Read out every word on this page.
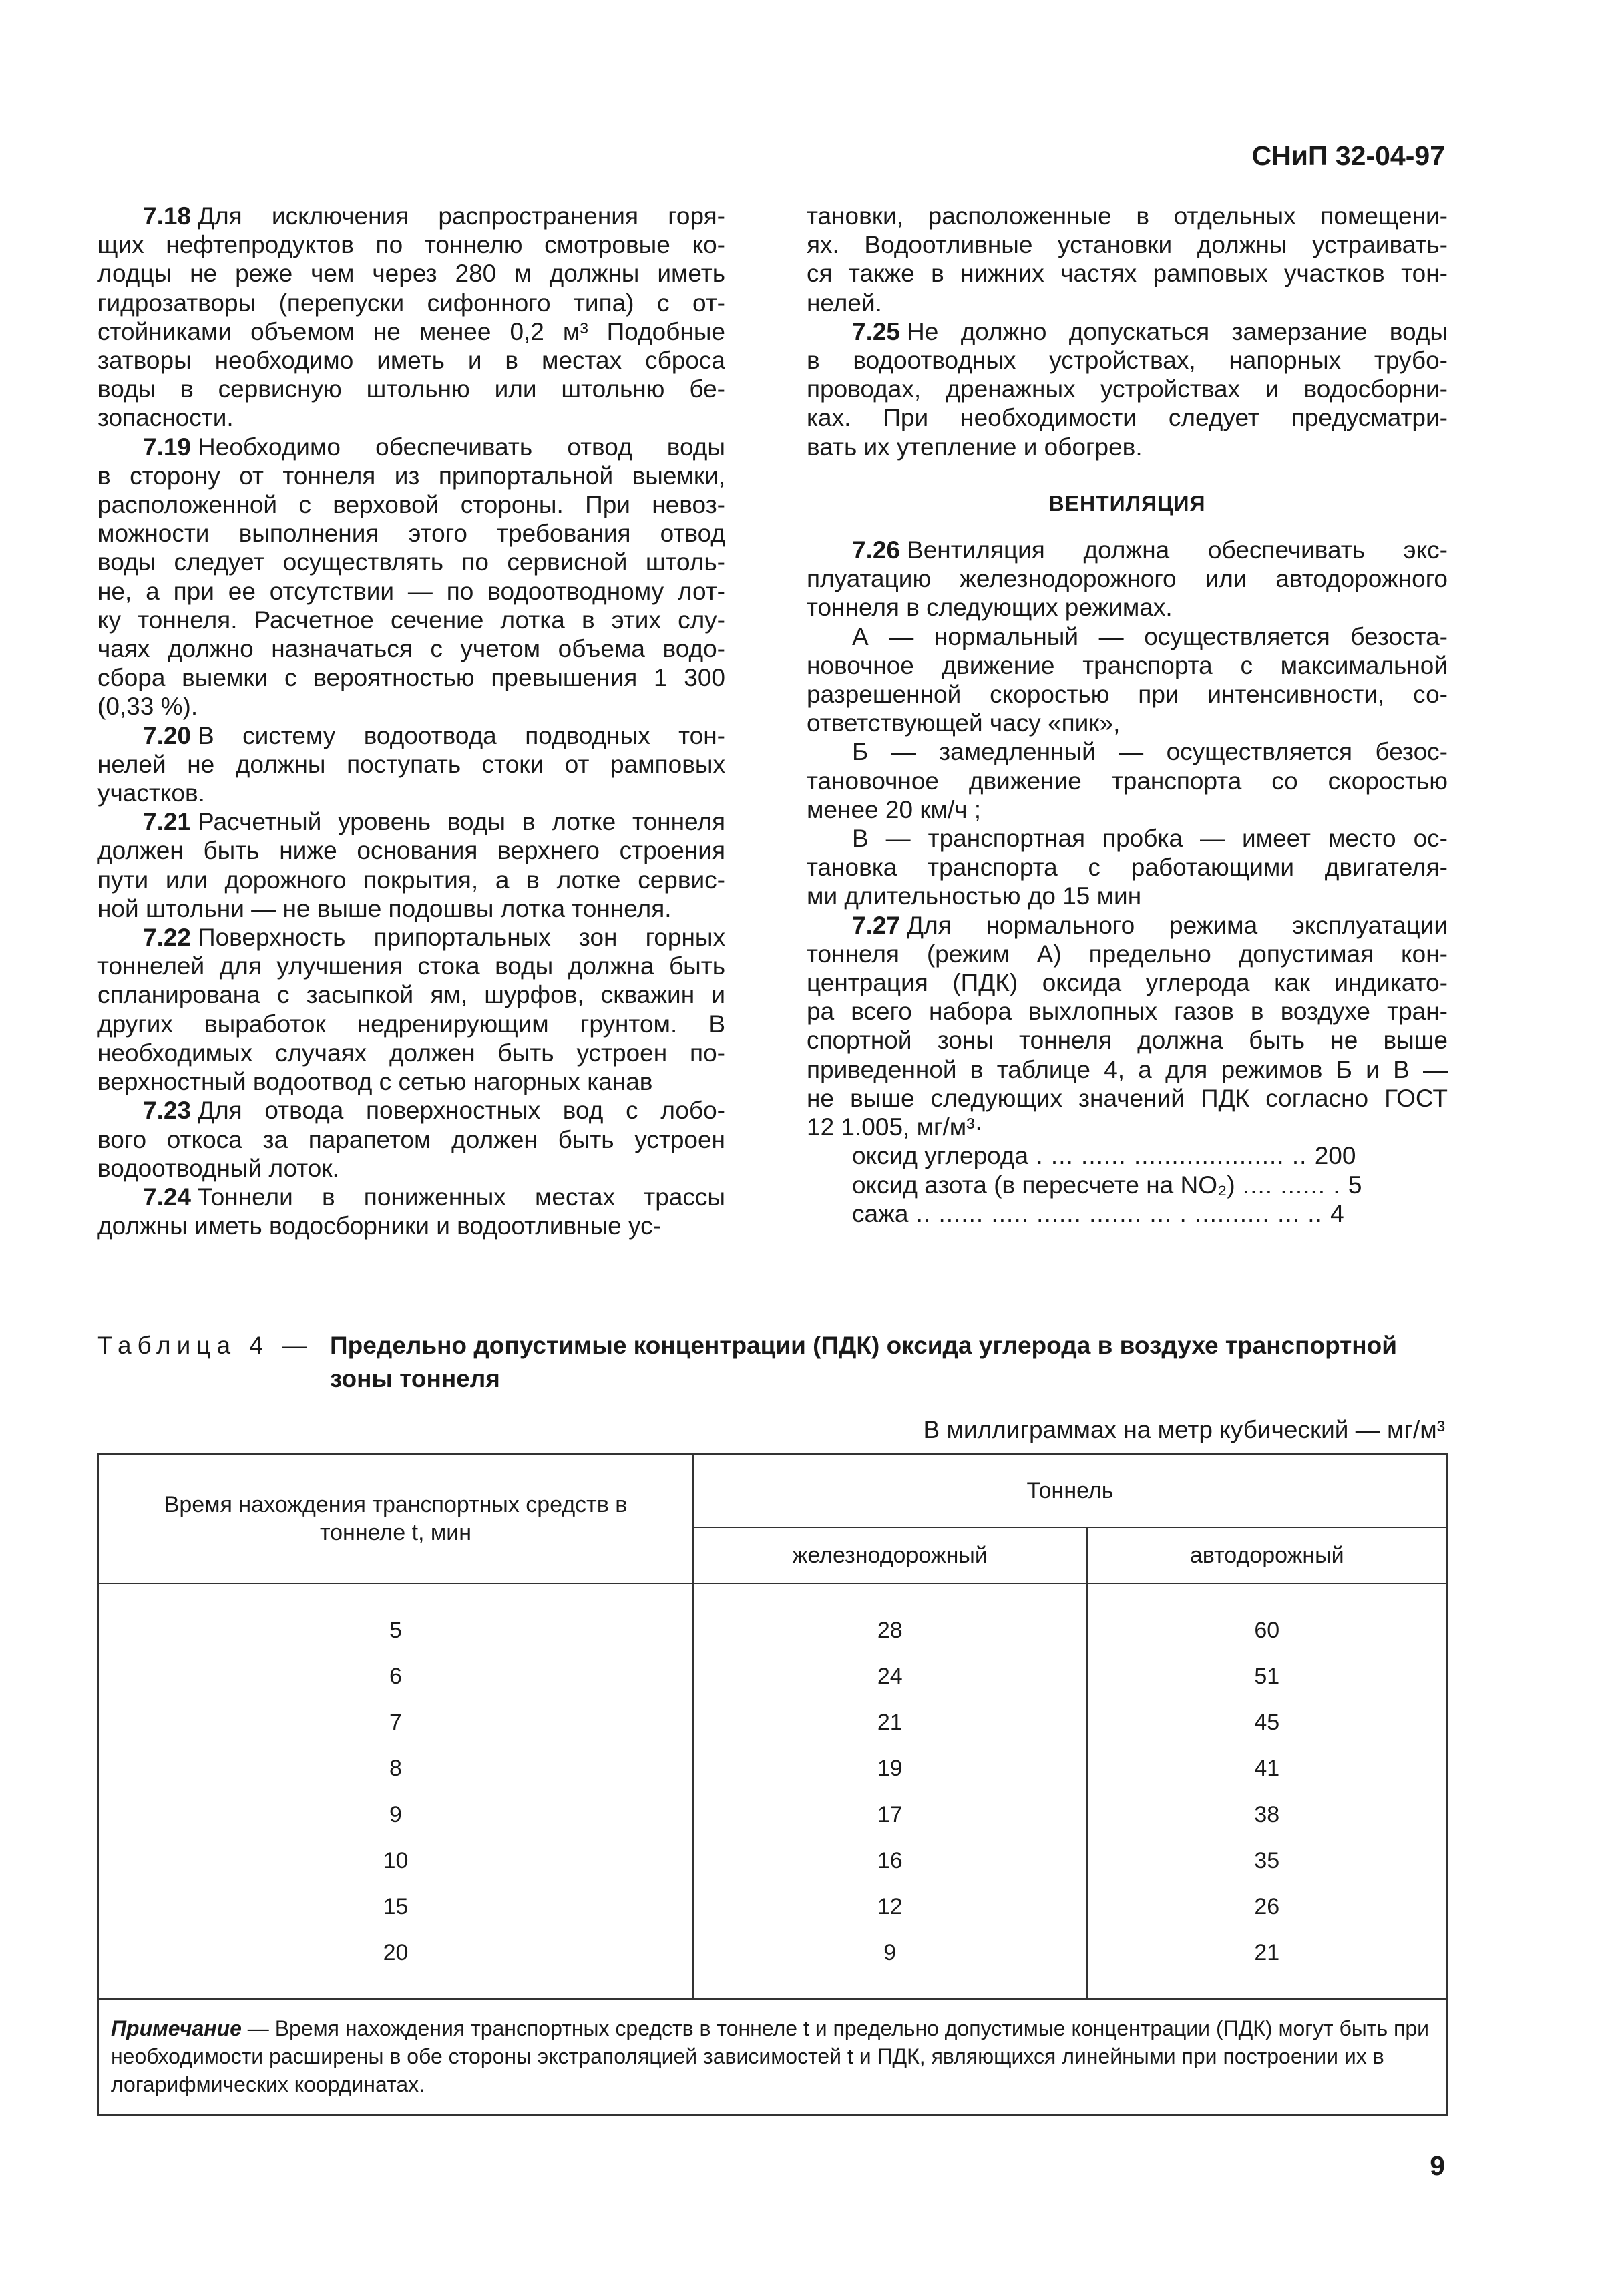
СНиП 32-04-97
7.18 Для исключения распространения горя-
щих нефтепродуктов по тоннелю смотровые ко-
лодцы не реже чем через 280 м должны иметь
гидрозатворы (перепуски сифонного типа) с от-
стойниками объемом не менее 0,2 м³ Подобные
затворы необходимо иметь и в местах сброса
воды в сервисную штольню или штольню бе-
зопасности.
7.19 Необходимо обеспечивать отвод воды
в сторону от тоннеля из припортальной выемки,
расположенной с верховой стороны. При невоз-
можности выполнения этого требования отвод
воды следует осуществлять по сервисной штоль-
не, а при ее отсутствии — по водоотводному лот-
ку тоннеля. Расчетное сечение лотка в этих слу-
чаях должно назначаться с учетом объема водо-
сбора выемки с вероятностью превышения 1 300
(0,33 %).
7.20 В систему водоотвода подводных тон-
нелей не должны поступать стоки от рамповых
участков.
7.21 Расчетный уровень воды в лотке тоннеля
должен быть ниже основания верхнего строения
пути или дорожного покрытия, а в лотке сервис-
ной штольни — не выше подошвы лотка тоннеля.
7.22 Поверхность припортальных зон горных
тоннелей для улучшения стока воды должна быть
спланирована с засыпкой ям, шурфов, скважин и
других выработок недренирующим грунтом. В
необходимых случаях должен быть устроен по-
верхностный водоотвод с сетью нагорных канав
7.23 Для отвода поверхностных вод с лобо-
вого откоса за парапетом должен быть устроен
водоотводный лоток.
7.24 Тоннели в пониженных местах трассы
должны иметь водосборники и водоотливные ус-
тановки, расположенные в отдельных помещени-
ях. Водоотливные установки должны устраивать-
ся также в нижних частях рамповых участков тон-
нелей.
7.25 Не должно допускаться замерзание воды
в водоотводных устройствах, напорных трубо-
проводах, дренажных устройствах и водосборни-
ках. При необходимости следует предусматри-
вать их утепление и обогрев.
ВЕНТИЛЯЦИЯ
7.26 Вентиляция должна обеспечивать экс-
плуатацию железнодорожного или автодорожного
тоннеля в следующих режимах.
А — нормальный — осуществляется безоста-
новочное движение транспорта с максимальной
разрешенной скоростью при интенсивности, со-
ответствующей часу «пик»,
Б — замедленный — осуществляется безос-
тановочное движение транспорта со скоростью
менее 20 км/ч ;
В — транспортная пробка — имеет место ос-
тановка транспорта с работающими двигателя-
ми длительностью до 15 мин
7.27 Для нормального режима эксплуатации
тоннеля (режим А) предельно допустимая кон-
центрация (ПДК) оксида углерода как индикато-
ра всего набора выхлопных газов в воздухе тран-
спортной зоны тоннеля должна быть не выше
приведенной в таблице 4, а для режимов Б и В —
не выше следующих значений ПДК согласно ГОСТ
12 1.005, мг/м³·
оксид углерода . ... ...... .................... .. 200
оксид азота (в пересчете на NO₂) .... ...... . 5
сажа .. ...... ..... ...... ....... ... . .......... ... .. 4
Таблица 4 — Предельно допустимые концентрации (ПДК) оксида углерода в воздухе транспортной зоны тоннеля
В миллиграммах на метр кубический — мг/м³
Время нахождения транспортных средств в тоннеле t, мин	Тоннель	
	железнодорожный	автодорожный

5	28	60
6	24	51
7	21	45
8	19	41
9	17	38
10	16	35
15	12	26
20	9	21

Примечание — Время нахождения транспортных средств в тоннеле t и предельно допустимые концентрации (ПДК) могут быть при необходимости расширены в обе стороны экстраполяцией зависимостей t и ПДК, являющихся линейными при построении их в логарифмических координатах.		
9
